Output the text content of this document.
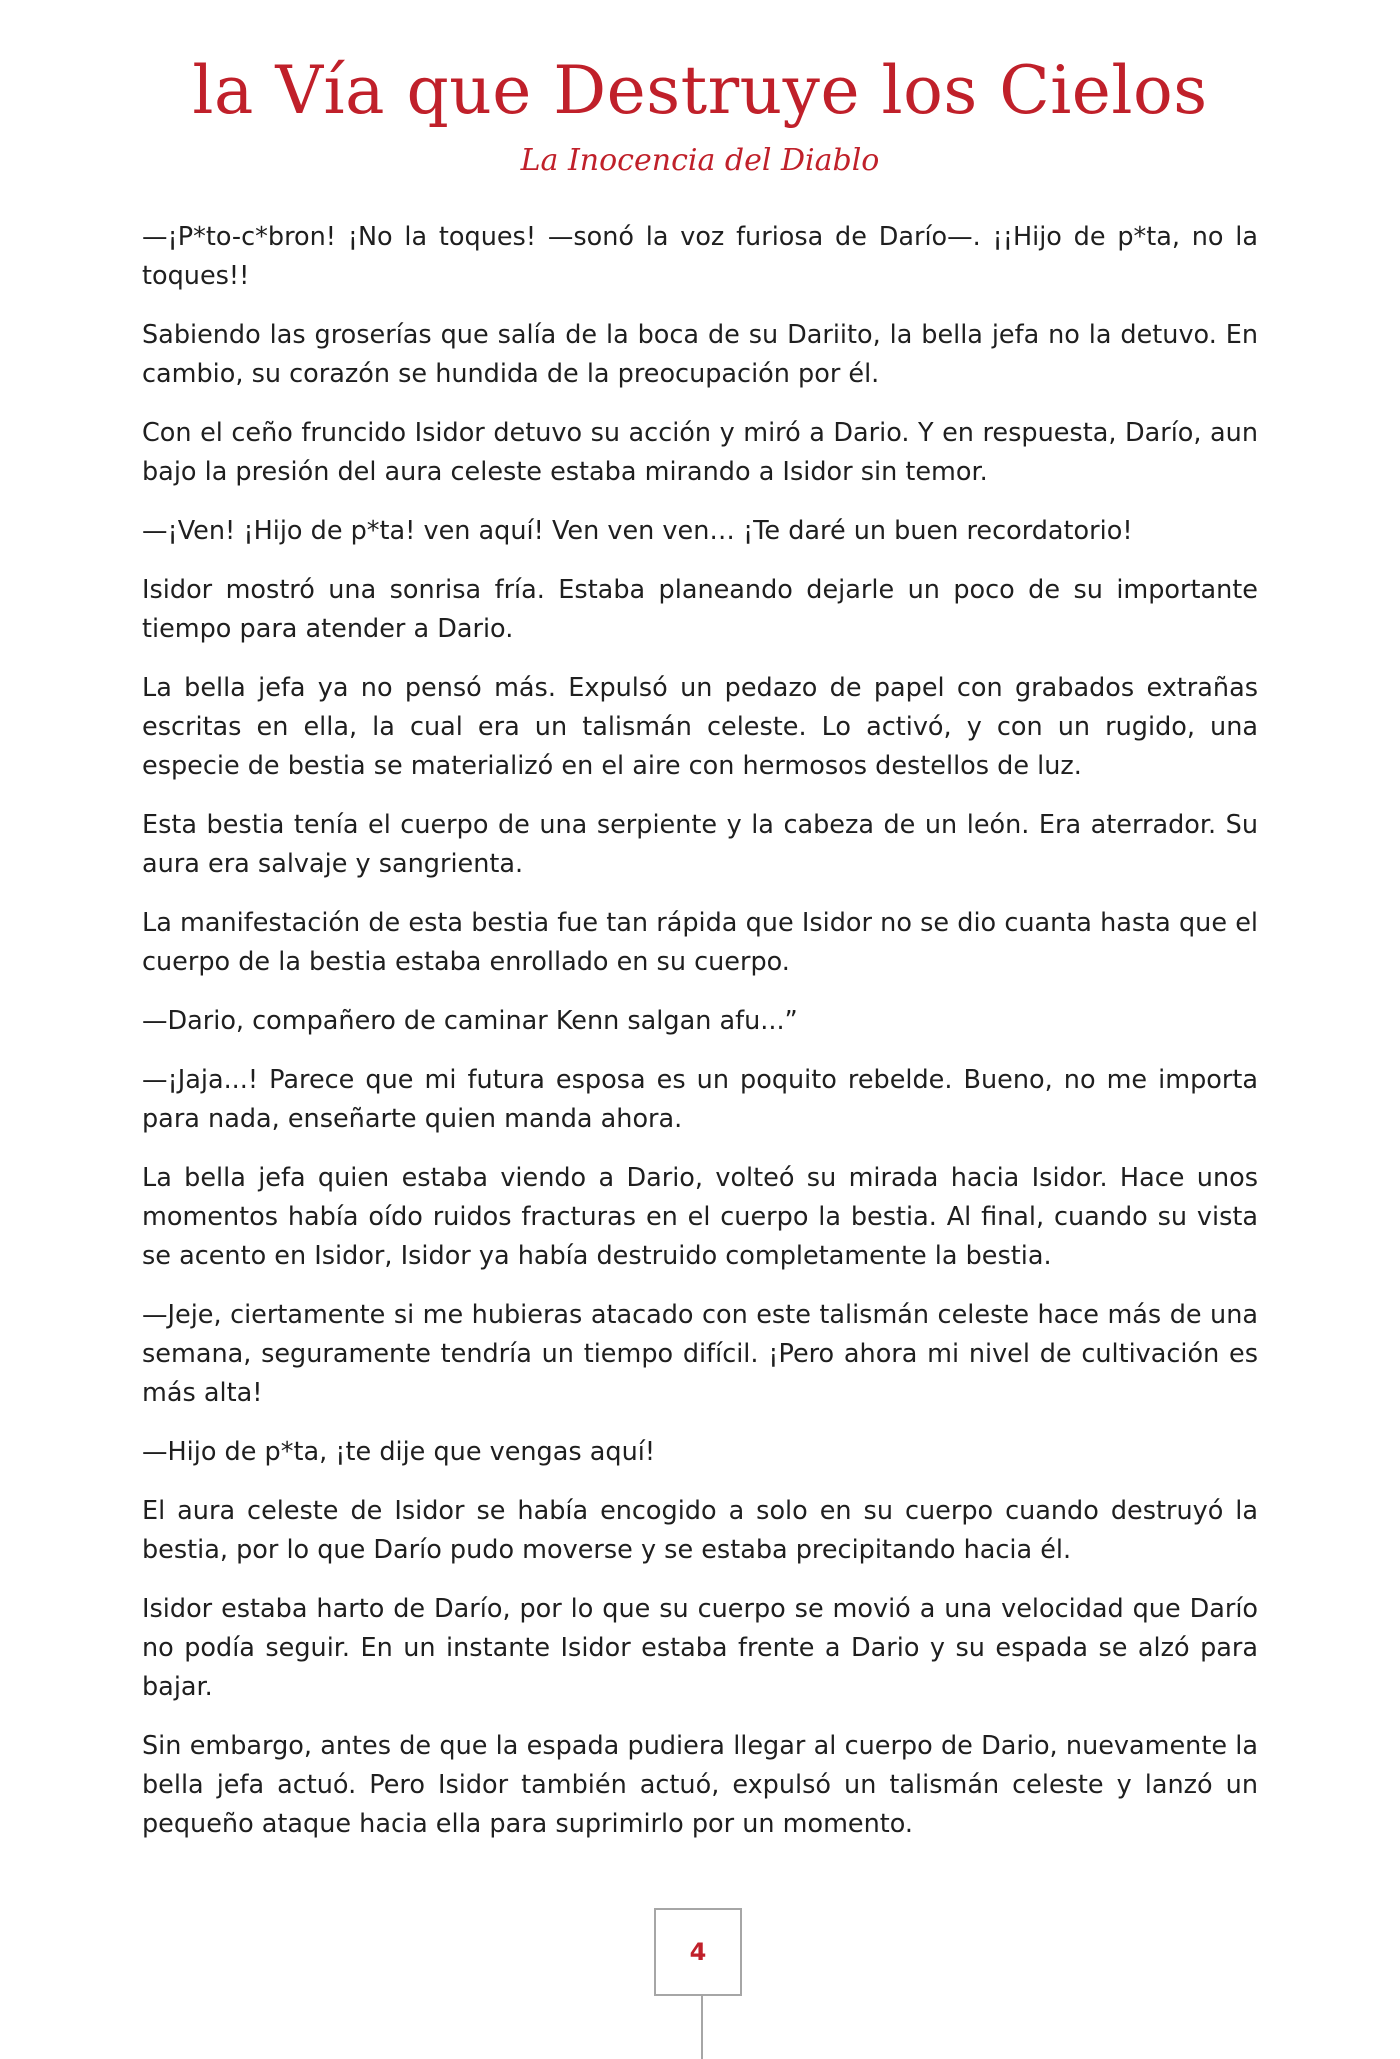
la Vía que Destruye los Cielos
La Inocencia del Diablo

—¡P*to-c*bron! ¡No la toques! —sonó la voz furiosa de Darío—. ¡¡Hijo de p*ta, no la toques!!

Sabiendo las groserías que salía de la boca de su Dariito, la bella jefa no la detuvo. En cambio, su corazón se hundida de la preocupación por él.

Con el ceño fruncido Isidor detuvo su acción y miró a Dario. Y en respuesta, Darío, aun bajo la presión del aura celeste estaba mirando a Isidor sin temor.

—¡Ven! ¡Hijo de p*ta! ven aquí! Ven ven ven… ¡Te daré un buen recordatorio!

Isidor mostró una sonrisa fría. Estaba planeando dejarle un poco de su importante tiempo para atender a Dario.

La bella jefa ya no pensó más. Expulsó un pedazo de papel con grabados extrañas escritas en ella, la cual era un talismán celeste. Lo activó, y con un rugido, una especie de bestia se materializó en el aire con hermosos destellos de luz.

Esta bestia tenía el cuerpo de una serpiente y la cabeza de un león. Era aterrador. Su aura era salvaje y sangrienta.

La manifestación de esta bestia fue tan rápida que Isidor no se dio cuanta hasta que el cuerpo de la bestia estaba enrollado en su cuerpo.

—Dario, compañero de caminar Kenn salgan afu...”

—¡Jaja...! Parece que mi futura esposa es un poquito rebelde. Bueno, no me importa para nada, enseñarte quien manda ahora.

La bella jefa quien estaba viendo a Dario, volteó su mirada hacia Isidor. Hace unos momentos había oído ruidos fracturas en el cuerpo la bestia. Al final, cuando su vista se acento en Isidor, Isidor ya había destruido completamente la bestia.

—Jeje, ciertamente si me hubieras atacado con este talismán celeste hace más de una semana, seguramente tendría un tiempo difícil. ¡Pero ahora mi nivel de cultivación es más alta!

—Hijo de p*ta, ¡te dije que vengas aquí!

El aura celeste de Isidor se había encogido a solo en su cuerpo cuando destruyó la bestia, por lo que Darío pudo moverse y se estaba precipitando hacia él.

Isidor estaba harto de Darío, por lo que su cuerpo se movió a una velocidad que Darío no podía seguir. En un instante Isidor estaba frente a Dario y su espada se alzó para bajar.

Sin embargo, antes de que la espada pudiera llegar al cuerpo de Dario, nuevamente la bella jefa actuó. Pero Isidor también actuó, expulsó un talismán celeste y lanzó un pequeño ataque hacia ella para suprimirlo por un momento.

4
